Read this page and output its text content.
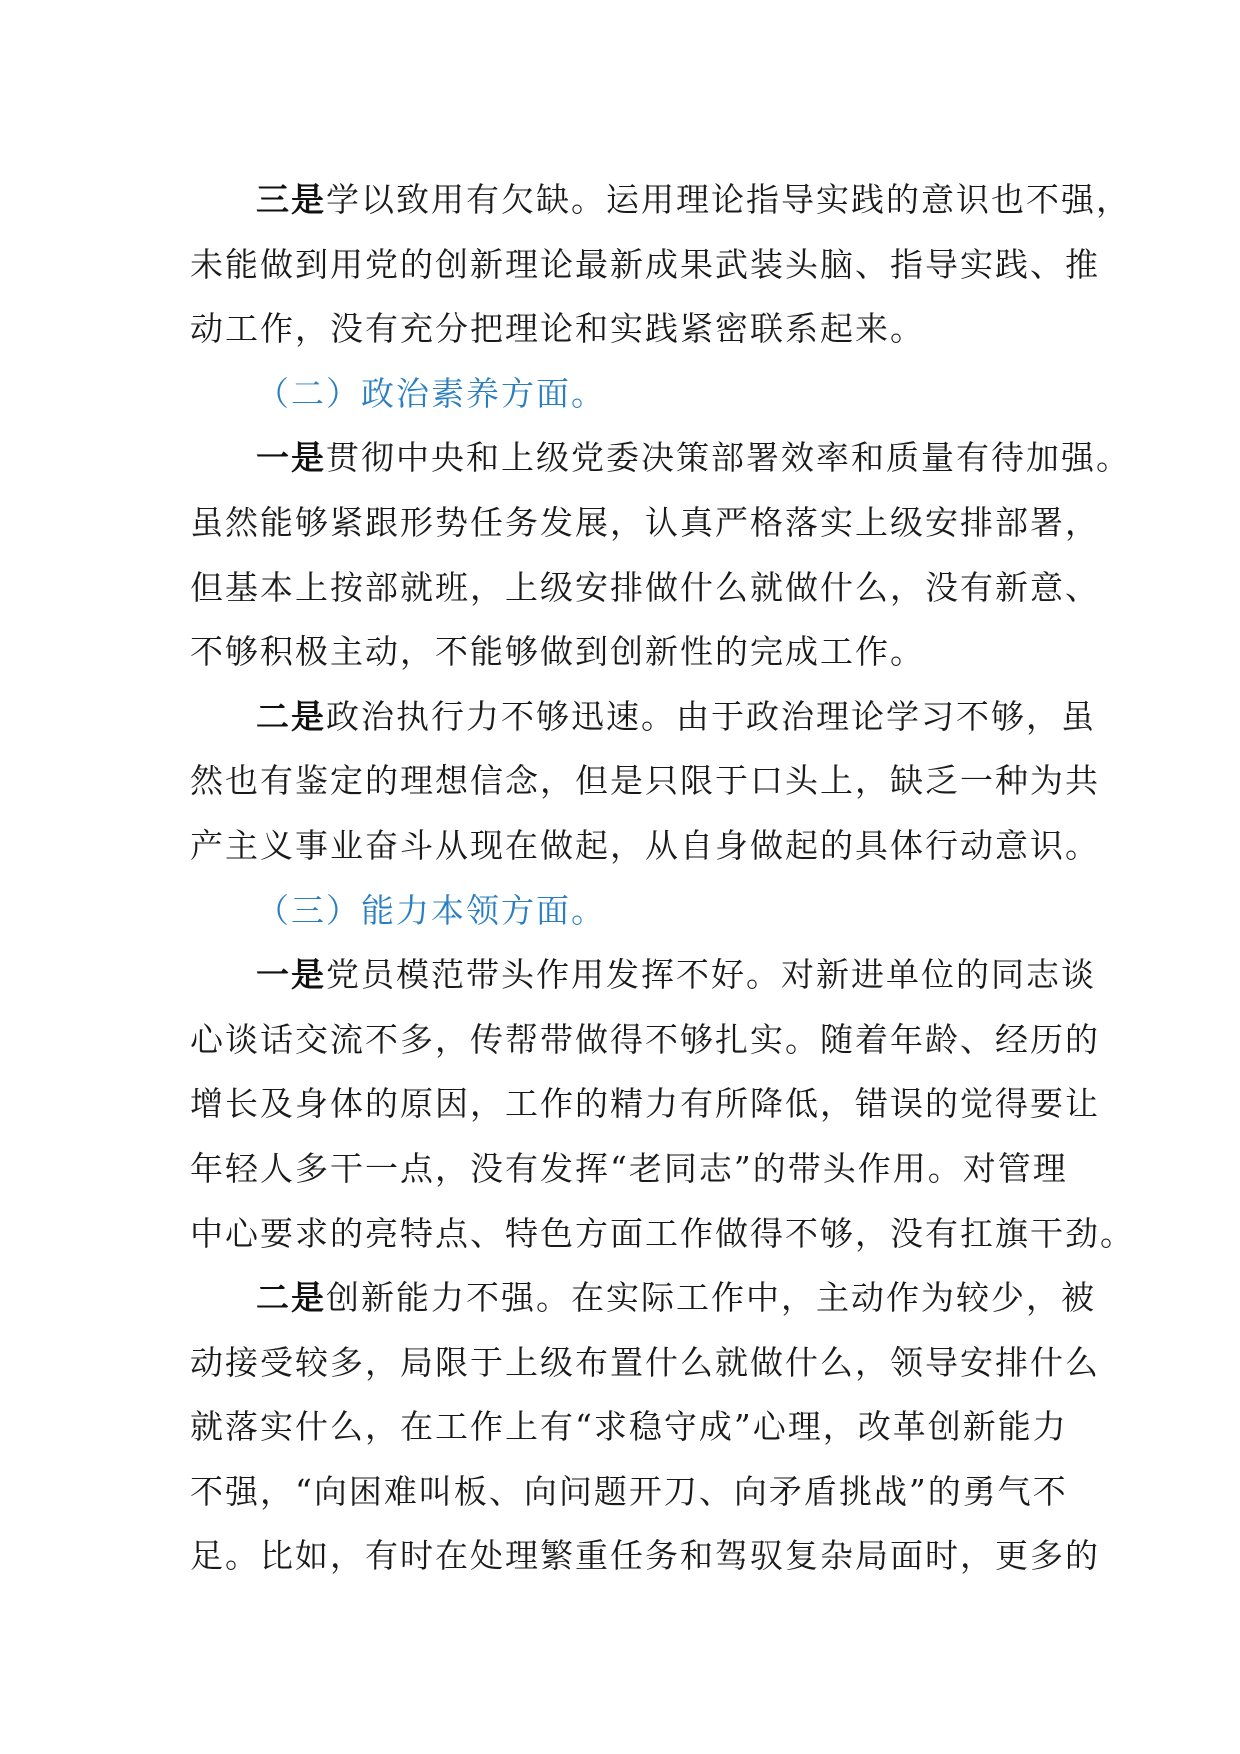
三是学以致用有欠缺。运用理论指导实践的意识也不强，
未能做到用党的创新理论最新成果武装头脑、指导实践、推
动工作，没有充分把理论和实践紧密联系起来。
（二）政治素养方面。
一是贯彻中央和上级党委决策部署效率和质量有待加强。
虽然能够紧跟形势任务发展，认真严格落实上级安排部署，
但基本上按部就班，上级安排做什么就做什么，没有新意、
不够积极主动，不能够做到创新性的完成工作。
二是政治执行力不够迅速。由于政治理论学习不够，虽
然也有鉴定的理想信念，但是只限于口头上，缺乏一种为共
产主义事业奋斗从现在做起，从自身做起的具体行动意识。
（三）能力本领方面。
一是党员模范带头作用发挥不好。对新进单位的同志谈
心谈话交流不多，传帮带做得不够扎实。随着年龄、经历的
增长及身体的原因，工作的精力有所降低，错误的觉得要让
年轻人多干一点，没有发挥“老同志”的带头作用。对管理
中心要求的亮特点、特色方面工作做得不够，没有扛旗干劲。
二是创新能力不强。在实际工作中，主动作为较少，被
动接受较多，局限于上级布置什么就做什么，领导安排什么
就落实什么，在工作上有“求稳守成”心理，改革创新能力
不强，“向困难叫板、向问题开刀、向矛盾挑战”的勇气不
足。比如，有时在处理繁重任务和驾驭复杂局面时，更多的
